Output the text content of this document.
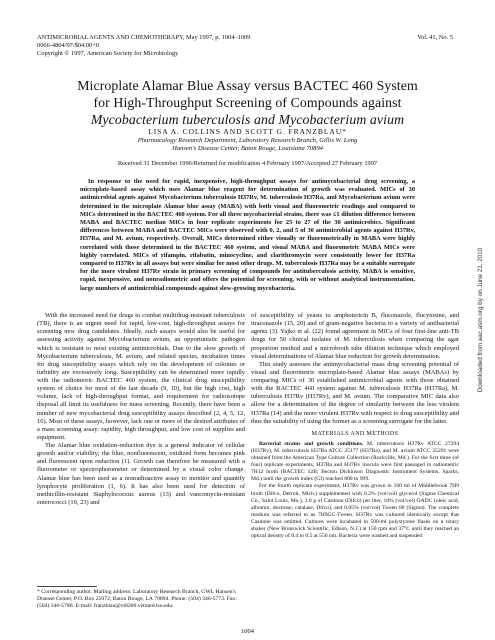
ANTIMICROBIAL AGENTS AND CHEMOTHERAPY, May 1997, p. 1004–1009	Vol. 41, No. 5
0066-4804/97/$04.00+0
Copyright © 1997, American Society for Microbiology
Microplate Alamar Blue Assay versus BACTEC 460 System
for High-Throughput Screening of Compounds against
Mycobacterium tuberculosis and Mycobacterium avium
LISA A. COLLINS AND SCOTT G. FRANZBLAU*
Pharmacology Research Department, Laboratory Research Branch, Gillis W. Long
Hansen's Disease Center, Baton Rouge, Louisiana 70894
Received 31 December 1996/Returned for modification 4 February 1997/Accepted 27 February 1997

In response to the need for rapid, inexpensive, high-throughput assays for antimycobacterial drug screening, a microplate-based assay which uses Alamar blue reagent for determination of growth was evaluated. MICs of 30 antimicrobial agents against Mycobacterium tuberculosis H37Rv, M. tuberculosis H37Ra, and Mycobacterium avium were determined in the microplate Alamar blue assay (MABA) with both visual and fluorometric readings and compared to MICs determined in the BACTEC 460 system. For all three mycobacterial strains, there was ≤1 dilution difference between MABA and BACTEC median MICs in four replicate experiments for 25 to 27 of the 30 antimicrobics. Significant differences between MABA and BACTEC MICs were observed with 0, 2, and 5 of 30 antimicrobial agents against H37Rv, H37Ra, and M. avium, respectively. Overall, MICs determined either visually or fluorometrically in MABA were highly correlated with those determined in the BACTEC 460 system, and visual MABA and fluorometric MABA MICs were highly correlated. MICs of rifampin, rifabutin, minocycline, and clarithromycin were consistently lower for H37Ra compared to H37Rv in all assays but were similar for most other drugs. M. tuberculosis H37Ra may be a suitable surrogate for the more virulent H37Rv strain in primary screening of compounds for antituberculosis activity. MABA is sensitive, rapid, inexpensive, and nonradiometric and offers the potential for screening, with or without analytical instrumentation, large numbers of antimicrobial compounds against slow-growing mycobacteria.

With the increased need for drugs to combat multidrug-resistant tuberculosis (TB), there is an urgent need for rapid, low-cost, high-throughput assays for screening new drug candidates. Ideally, such assays would also be useful for assessing activity against Mycobacterium avium, an opportunistic pathogen which is resistant to most existing antimicrobials. Due to the slow growth of Mycobacterium tuberculosis, M. avium, and related species, incubation times for drug susceptibility assays which rely on the development of colonies or turbidity are excessively long. Susceptibility can be determined more rapidly with the radiometric BACTEC 460 system, the clinical drug susceptibility system of choice for most of the last decade (9, 10), but the high cost, high volume, lack of high-throughput format, and requirement for radioisotope disposal all limit its usefulness for mass screening. Recently, there have been a number of new mycobacterial drug susceptibility assays described (2, 4, 5, 12, 16). Most of these assays, however, lack one or more of the desired attributes of a mass screening assay: rapidity, high throughput, and low cost of supplies and equipment.

The Alamar blue oxidation-reduction dye is a general indicator of cellular growth and/or viability; the blue, nonfluorescent, oxidized form becomes pink and fluorescent upon reduction (1). Growth can therefore be measured with a fluorometer or spectrophotometer or determined by a visual color change. Alamar blue has been used as a nonradioactive assay to monitor and quantify lymphocyte proliferation (1, 6). It has also been used for detection of methicillin-resistant Staphylococcus aureus (13) and vancomycin-resistant enterococci (19, 23) and

of susceptibility of yeasts to amphotericin B, fluconazole, flucytosine, and itraconazole (15, 20) and of gram-negative bacteria to a variety of antibacterial agents (3). Yajko et al. (22) found agreement in MICs of four first-line anti-TB drugs for 50 clinical isolates of M. tuberculosis when comparing the agar proportion method and a microbroth tube dilution technique which employed visual determinations of Alamar blue reduction for growth determination.

This study assesses the antimycobacterial mass drug screening potential of visual and fluorometric microplate-based Alamar blue assays (MABAs) by comparing MICs of 30 established antimicrobial agents with those obtained with the BACTEC 460 system against M. tuberculosis H37Ra (H37Ra), M. tuberculosis H37Rv (H37Rv), and M. avium. The comparative MIC data also allow for a determination of the degree of similarity between the less virulent H37Ra (14) and the more virulent H37Rv with respect to drug susceptibility and thus the suitability of using the former as a screening surrogate for the latter.

MATERIALS AND METHODS

Bacterial strains and growth conditions. M. tuberculosis H37Rv ATCC 27294 (H37Rv), M. tuberculosis H37Ra ATCC 25177 (H37Ra), and M. avium ATCC 25291 were obtained from the American Type Culture Collection (Rockville, Md.). For the first three (of four) replicate experiments, H37Ra and H37Rv inocula were first passaged in radiometric 7H12 broth (BACTEC 12B; Becton Dickinson Diagnostic Instrument Systems, Sparks, Md.) until the growth index (GI) reached 800 to 999.

For the fourth replicate experiment, H37Rv was grown in 100 ml of Middlebrook 7H9 broth (Difco, Detroit, Mich.) supplemented with 0.2% (vol/vol) glycerol (Sigma Chemical Co., Saint Louis, Mo.), 1.0 g of Casitone (Difco) per liter, 10% (vol/vol) OADC (oleic acid, albumin, dextrose, catalase; Difco), and 0.05% (vol/vol) Tween 80 (Sigma). The complete medium was referred to as 7H9GC-Tween. H37Rv was cultured identically except that Casitone was omitted. Cultures were incubated in 500-ml polystyrene flasks on a rotary shaker (New Brunswick Scientific, Edison, N.J.) at 150 rpm and 37°C until they reached an optical density of 0.4 to 0.5 at 550 nm. Bacteria were washed and suspended

* Corresponding author. Mailing address: Laboratory Research Branch, GWL Hansen's Disease Center, P.O. Box 25072, Baton Rouge, LA 70894. Phone: (504) 346-5773. Fax: (504) 346-5786. E-mail: franzblau@vt8200.vetmed.lsu.edu.
1004
Downloaded from aac.asm.org by on June 21, 2010
